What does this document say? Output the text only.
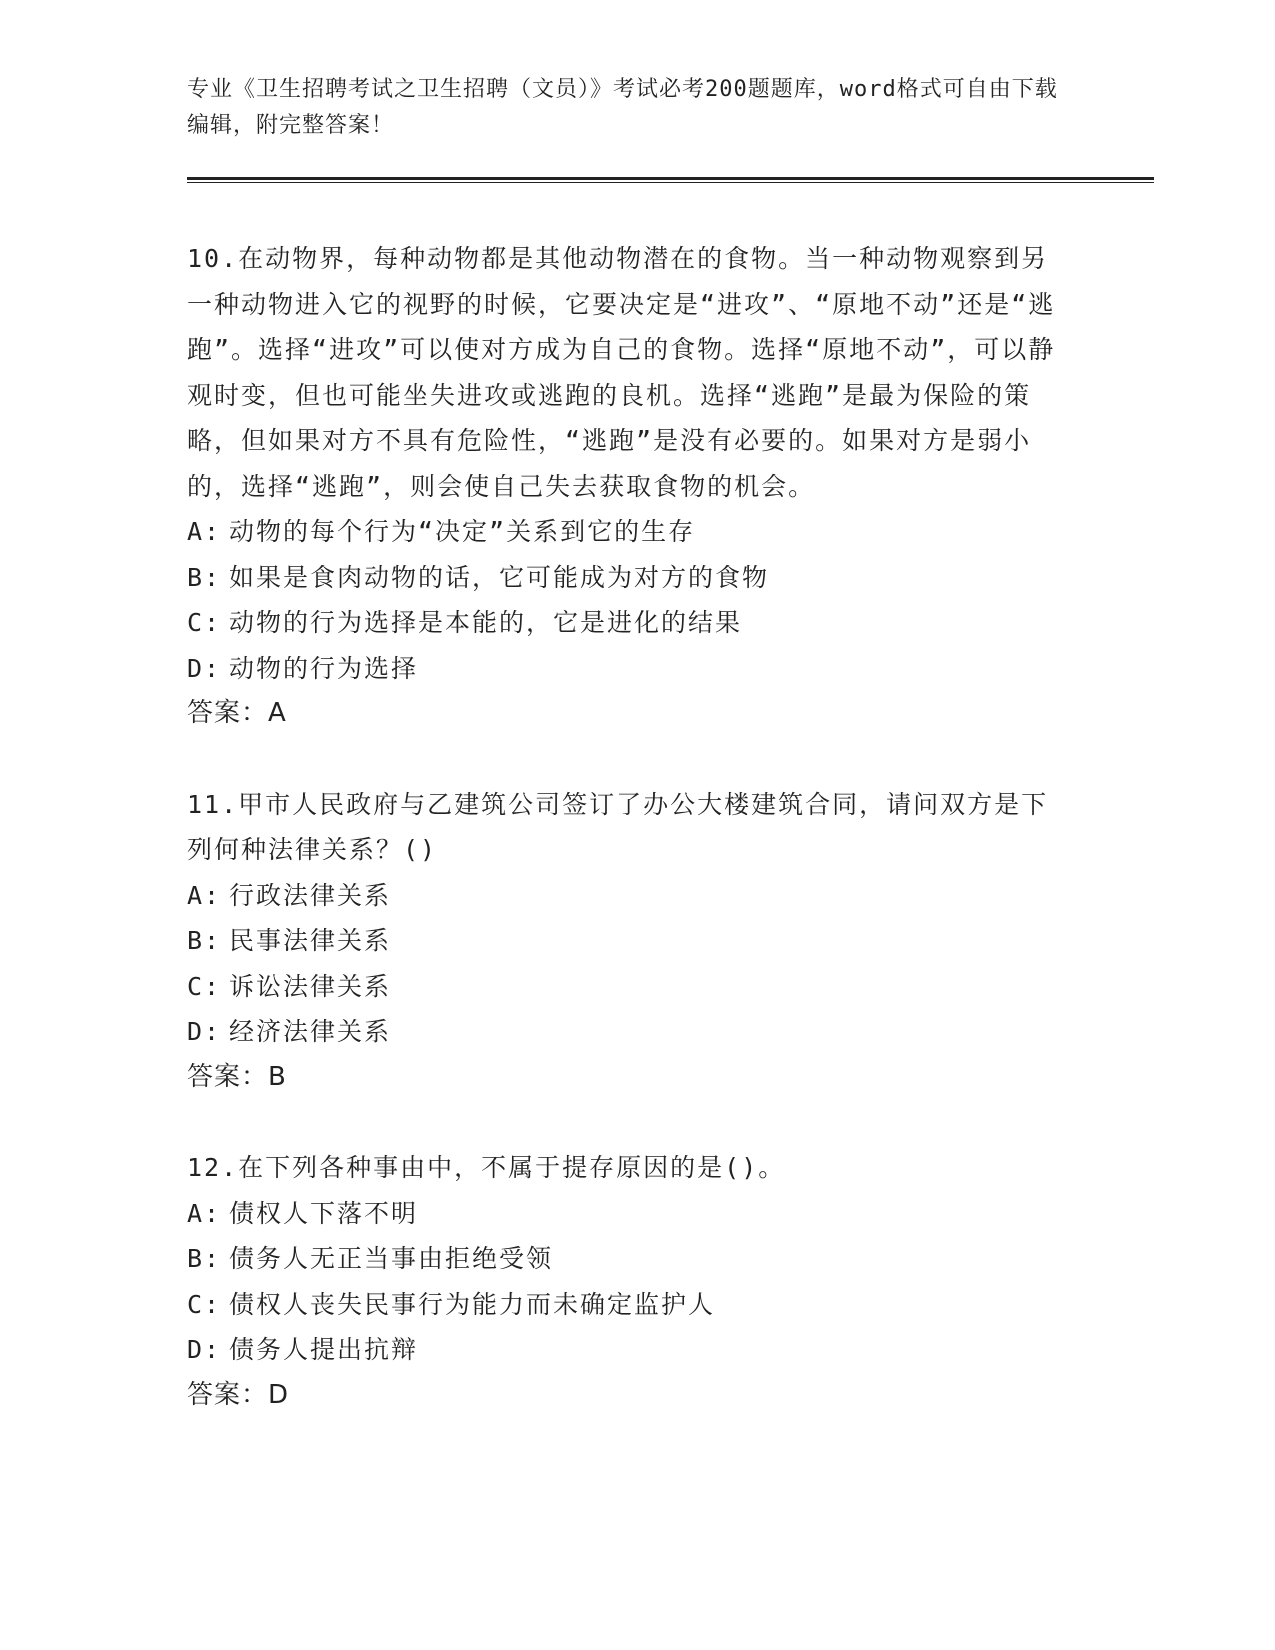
专业《卫生招聘考试之卫生招聘（文员）》考试必考200题题库，word格式可自由下载编辑，附完整答案！

10.在动物界，每种动物都是其他动物潜在的食物。当一种动物观察到另一种动物进入它的视野的时候，它要决定是“进攻”、“原地不动”还是“逃跑”。选择“进攻”可以使对方成为自己的食物。选择“原地不动”，可以静观时变，但也可能坐失进攻或逃跑的良机。选择“逃跑”是最为保险的策略，但如果对方不具有危险性，“逃跑”是没有必要的。如果对方是弱小的，选择“逃跑”，则会使自己失去获取食物的机会。

A: 动物的每个行为“决定”关系到它的生存

B: 如果是食肉动物的话，它可能成为对方的食物

C: 动物的行为选择是本能的，它是进化的结果

D: 动物的行为选择

答案：A

11.甲市人民政府与乙建筑公司签订了办公大楼建筑合同，请问双方是下列何种法律关系？()

A: 行政法律关系

B: 民事法律关系

C: 诉讼法律关系

D: 经济法律关系

答案：B

12.在下列各种事由中，不属于提存原因的是()。

A: 债权人下落不明

B: 债务人无正当事由拒绝受领

C: 债权人丧失民事行为能力而未确定监护人

D: 债务人提出抗辩

答案：D
